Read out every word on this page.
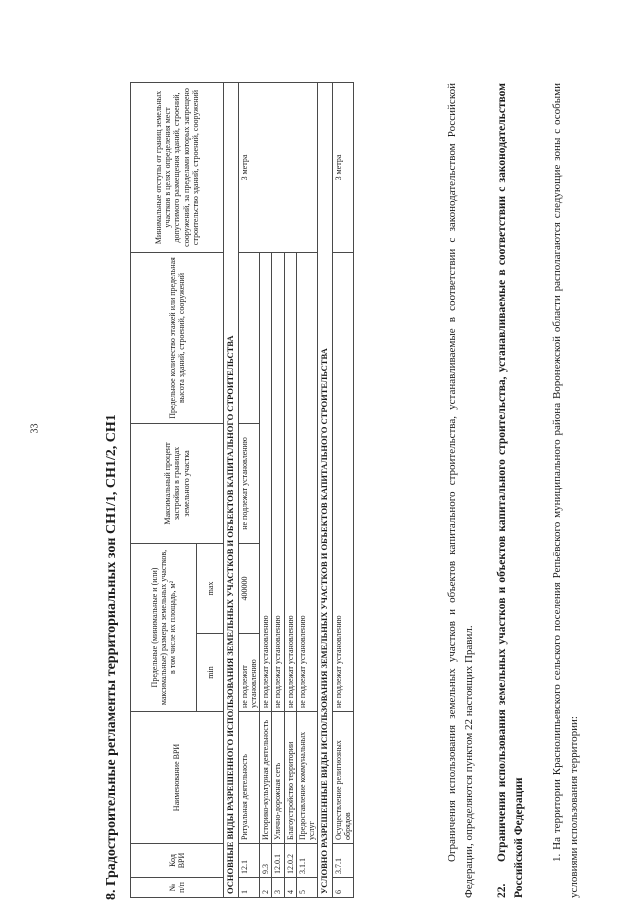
33	8. Градостроительные регламенты территориальных зон СН1/1, СН1/2, СН1	№ п/п	Код ВРИ	Наименование ВРИ	Предельные (минимальные и (или) максимальные) размеры земельных участков, в том числе их площадь, м²		Максимальный процент застройки в границах земельного участка	Предельное количество этажей или предельная высота зданий, строений, сооружений	Минимальные отступы от границ земельных участков в целях определения мест допустимого размещения зданий, строений, сооружений, за пределами которых запрещено строительство зданий, строений, сооружений
			min	max			
ОСНОВНЫЕ ВИДЫ РАЗРЕШЕННОГО ИСПОЛЬЗОВАНИЯ ЗЕМЕЛЬНЫХ УЧАСТКОВ И ОБЪЕКТОВ КАПИТАЛЬНОГО СТРОИТЕЛЬСТВА							
1	12.1	Ритуальная деятельность	не подлежит установлению	400000	не подлежат установлению		3 метра
2	9.3	Историко-культурная деятельность	не подлежат установлению				
3	12.0.1	Улично-дорожная сеть	не подлежат установлению				
4	12.0.2	Благоустройство территории	не подлежат установлению				
5	3.1.1	Предоставление коммунальных услуг	не подлежат установлению				
УСЛОВНО РАЗРЕШЕННЫЕ ВИДЫ ИСПОЛЬЗОВАНИЯ ЗЕМЕЛЬНЫХ УЧАСТКОВ И ОБЪЕКТОВ КАПИТАЛЬНОГО СТРОИТЕЛЬСТВА							
6	3.7.1	Осуществление религиозных обрядов	не подлежат установлению				3 метра	Ограничения использования земельных участков и объектов капитального строительства, устанавливаемые в соответствии с законодательством Российской Федерации, определяются пунктом 22 настоящих Правил. 22.Ограничения использования земельных участков и объектов капитального строительства, устанавливаемые в соответствии с законодательством Российской Федерации 1. На территории Краснолипьевского сельского поселения Репьёвского муниципального района Воронежской области располагаются следующие зоны с особыми условиями использования территории:
